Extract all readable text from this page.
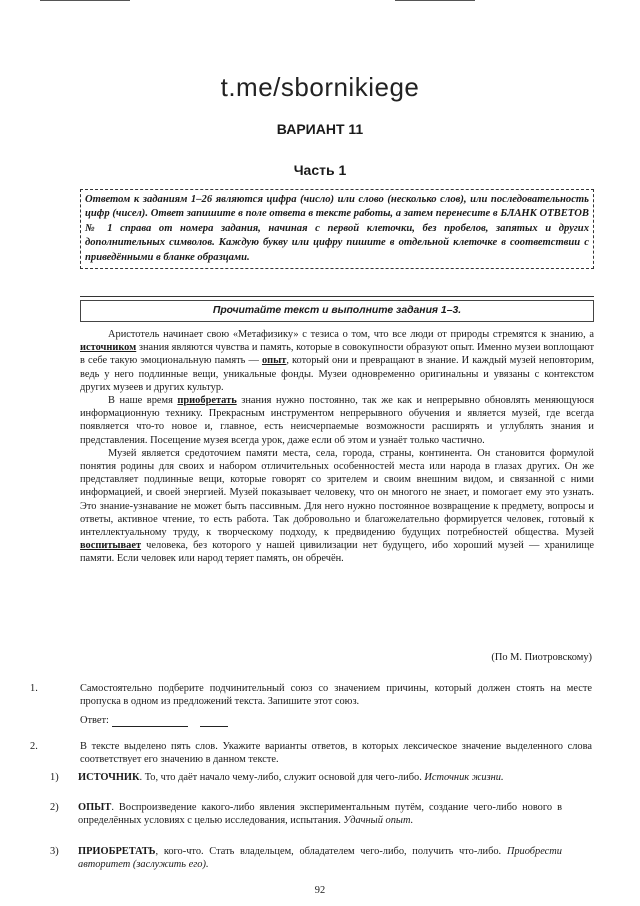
t.me/sbornikiege
ВАРИАНТ 11
Часть 1
Ответом к заданиям 1–26 являются цифра (число) или слово (несколько слов), или последовательность цифр (чисел). Ответ запишите в поле ответа в тексте работы, а затем перенесите в БЛАНК ОТВЕТОВ № 1 справа от номера задания, начиная с первой клеточки, без пробелов, запятых и других дополнительных символов. Каждую букву или цифру пишите в отдельной клеточке в соответствии с приведёнными в бланке образцами.
Прочитайте текст и выполните задания 1–3.

Аристотель начинает свою «Метафизику» с тезиса о том, что все люди от природы стремятся к знанию, а источником знания являются чувства и память, которые в совокупности образуют опыт. Именно музеи воплощают в себе такую эмоциональную память — опыт, который они и превращают в знание. И каждый музей неповторим, ведь у него подлинные вещи, уникальные фонды. Музеи одновременно оригинальны и увязаны с контекстом других музеев и других культур.

В наше время приобретать знания нужно постоянно, так же как и непрерывно обновлять меняющуюся информационную технику. Прекрасным инструментом непрерывного обучения и является музей, где всегда появляется что-то новое и, главное, есть неисчерпаемые возможности расширять и углублять знания и представления. Посещение музея всегда урок, даже если об этом и узнаёт только частично.

Музей является средоточием памяти места, села, города, страны, континента. Он становится формулой понятия родины для своих и набором отличительных особенностей места или народа в глазах других. Он же представляет подлинные вещи, которые говорят со зрителем и своим внешним видом, и связанной с ними информацией, и своей энергией. Музей показывает человеку, что он многого не знает, и помогает ему это узнать. Это знание-узнавание не может быть пассивным. Для него нужно постоянное возвращение к предмету, вопросы и ответы, активное чтение, то есть работа. Так добровольно и благожелательно формируется человек, готовый к интеллектуальному труду, к творческому подходу, к предвидению будущих потребностей общества. Музей воспитывает человека, без которого у нашей цивилизации нет будущего, ибо хороший музей — хранилище памяти. Если человек или народ теряет память, он обречён.

(По М. Пиотровскому)
1.	Самостоятельно подберите подчинительный союз со значением причины, который должен стоять на месте пропуска в одном из предложений текста. Запишите этот союз.
Ответ:
2.	В тексте выделено пять слов. Укажите варианты ответов, в которых лексическое значение выделенного слова соответствует его значению в данном тексте.
1)	ИСТОЧНИК. То, что даёт начало чему-либо, служит основой для чего-либо. Источник жизни.
2)	ОПЫТ. Воспроизведение какого-либо явления экспериментальным путём, создание чего-либо нового в определённых условиях с целью исследования, испытания. Удачный опыт.
3)	ПРИОБРЕТАТЬ, кого-что. Стать владельцем, обладателем чего-либо, получить что-либо. Приобрести авторитет (заслужить его).
92
